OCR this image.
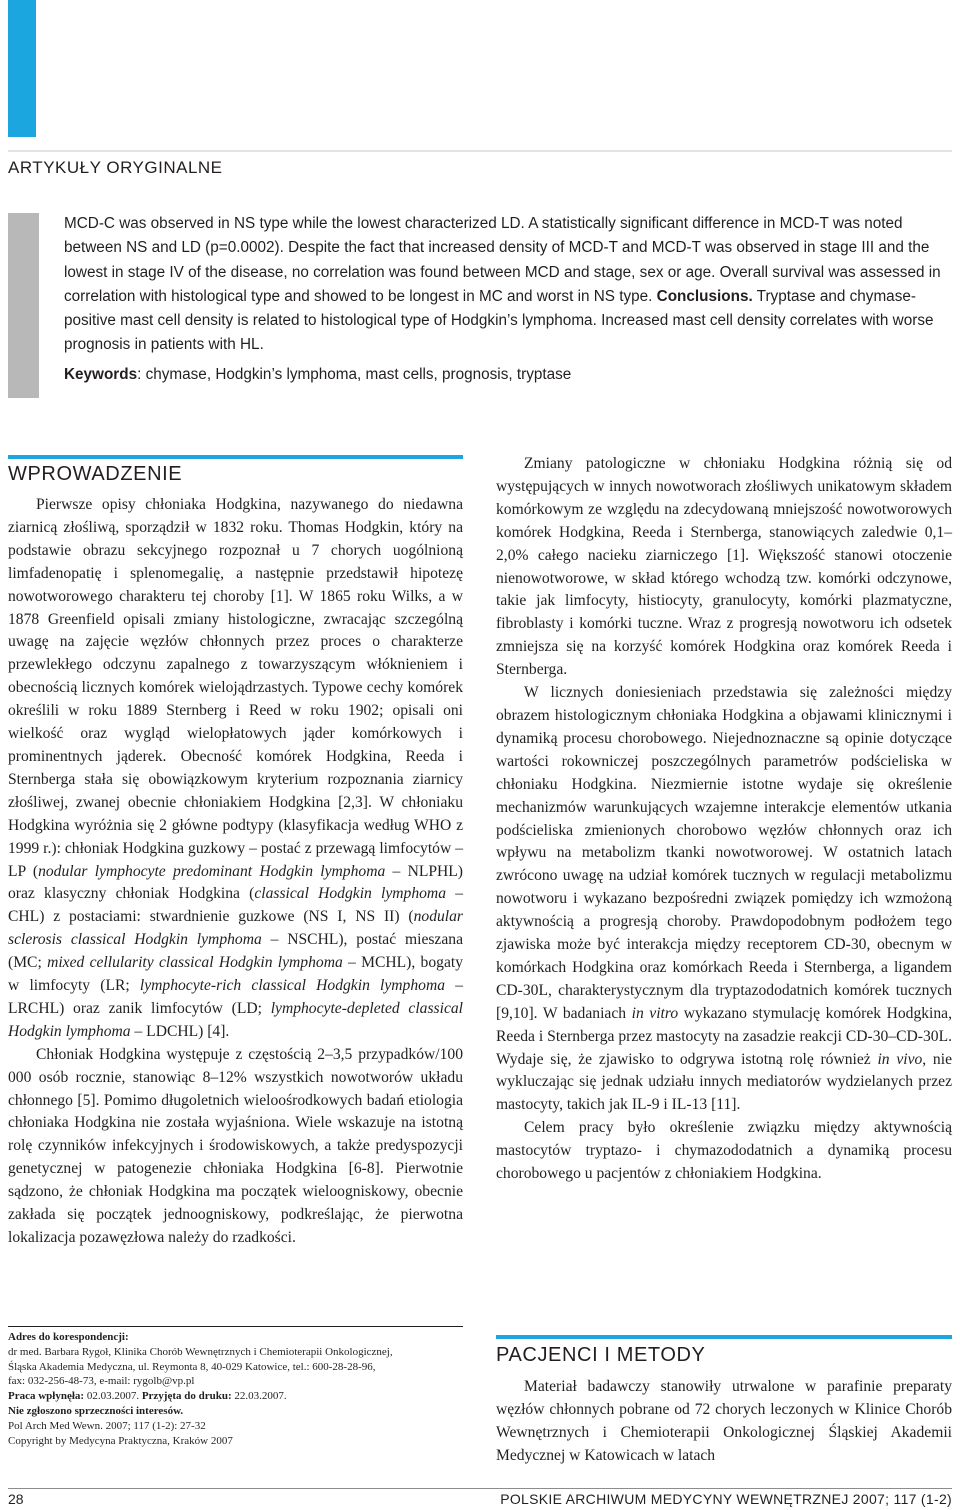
ARTYKUŁY ORYGINALNE

MCD-C was observed in NS type while the lowest characterized LD. A statistically significant difference in MCD-T was noted between NS and LD (p=0.0002). Despite the fact that increased density of MCD-T and MCD-T was observed in stage III and the lowest in stage IV of the disease, no correlation was found between MCD and stage, sex or age. Overall survival was assessed in correlation with histological type and showed to be longest in MC and worst in NS type. Conclusions. Tryptase and chymase-positive mast cell density is related to histological type of Hodgkin’s lymphoma. Increased mast cell density correlates with worse prognosis in patients with HL.

Keywords: chymase, Hodgkin’s lymphoma, mast cells, prognosis, tryptase

WPROWADZENIE

Pierwsze opisy chłoniaka Hodgkina, nazywanego do niedawna ziarnicą złośliwą, sporządził w 1832 roku. Thomas Hodgkin, który na podstawie obrazu sekcyjnego rozpoznał u 7 chorych uogólnioną limfadenopatię i splenomegalię, a następnie przedstawił hipotezę nowotworowego charakteru tej choroby [1]. W 1865 roku Wilks, a w 1878 Greenfield opisali zmiany histologiczne, zwracając szczególną uwagę na zajęcie węzłów chłonnych przez proces o charakterze przewlekłego odczynu zapalnego z towarzyszącym włóknieniem i obecnością licznych komórek wielojądrzastych. Typowe cechy komórek określili w roku 1889 Sternberg i Reed w roku 1902; opisali oni wielkość oraz wygląd wielopłatowych jąder komórkowych i prominentnych jąderek. Obecność komórek Hodgkina, Reeda i Sternberga stała się obowiązkowym kryterium rozpoznania ziarnicy złośliwej, zwanej obecnie chłoniakiem Hodgkina [2,3]. W chłoniaku Hodgkina wyróżnia się 2 główne podtypy (klasyfikacja według WHO z 1999 r.): chłoniak Hodgkina guzkowy – postać z przewagą limfocytów – LP (nodular lymphocyte predominant Hodgkin lymphoma – NLPHL) oraz klasyczny chłoniak Hodgkina (classical Hodgkin lymphoma – CHL) z postaciami: stwardnienie guzkowe (NS I, NS II) (nodular sclerosis classical Hodgkin lymphoma – NSCHL), postać mieszana (MC; mixed cellularity classical Hodgkin lymphoma – MCHL), bogaty w limfocyty (LR; lymphocyte-rich classical Hodgkin lymphoma – LRCHL) oraz zanik limfocytów (LD; lymphocyte-depleted classical Hodgkin lymphoma – LDCHL) [4].

Chłoniak Hodgkina występuje z częstością 2–3,5 przypadków/100 000 osób rocznie, stanowiąc 8–12% wszystkich nowotworów układu chłonnego [5]. Pomimo długoletnich wieloośrodkowych badań etiologia chłoniaka Hodgkina nie została wyjaśniona. Wiele wskazuje na istotną rolę czynników infekcyjnych i środowiskowych, a także predyspozycji genetycznej w patogenezie chłoniaka Hodgkina [6-8]. Pierwotnie sądzono, że chłoniak Hodgkina ma początek wieloogniskowy, obecnie zakłada się początek jednoogniskowy, podkreślając, że pierwotna lokalizacja pozawęzłowa należy do rzadkości.

Zmiany patologiczne w chłoniaku Hodgkina różnią się od występujących w innych nowotworach złośliwych unikatowym składem komórkowym ze względu na zdecydowaną mniejszość nowotworowych komórek Hodgkina, Reeda i Sternberga, stanowiących zaledwie 0,1–2,0% całego nacieku ziarniczego [1]. Większość stanowi otoczenie nienowotworowe, w skład którego wchodzą tzw. komórki odczynowe, takie jak limfocyty, histiocyty, granulocyty, komórki plazmatyczne, fibroblasty i komórki tuczne. Wraz z progresją nowotworu ich odsetek zmniejsza się na korzyść komórek Hodgkina oraz komórek Reeda i Sternberga.

W licznych doniesieniach przedstawia się zależności między obrazem histologicznym chłoniaka Hodgkina a objawami klinicznymi i dynamiką procesu chorobowego. Niejednoznaczne są opinie dotyczące wartości rokowniczej poszczególnych parametrów podścieliska w chłoniaku Hodgkina. Niezmiernie istotne wydaje się określenie mechanizmów warunkujących wzajemne interakcje elementów utkania podścieliska zmienionych chorobowo węzłów chłonnych oraz ich wpływu na metabolizm tkanki nowotworowej. W ostatnich latach zwrócono uwagę na udział komórek tucznych w regulacji metabolizmu nowotworu i wykazano bezpośredni związek pomiędzy ich wzmożoną aktywnością a progresją choroby. Prawdopodobnym podłożem tego zjawiska może być interakcja między receptorem CD-30, obecnym w komórkach Hodgkina oraz komórkach Reeda i Sternberga, a ligandem CD-30L, charakterystycznym dla tryptazododatnich komórek tucznych [9,10]. W badaniach in vitro wykazano stymulację komórek Hodgkina, Reeda i Sternberga przez mastocyty na zasadzie reakcji CD-30–CD-30L. Wydaje się, że zjawisko to odgrywa istotną rolę również in vivo, nie wykluczając się jednak udziału innych mediatorów wydzielanych przez mastocyty, takich jak IL-9 i IL-13 [11].

Celem pracy było określenie związku między aktywnością mastocytów tryptazo- i chymazododatnich a dynamiką procesu chorobowego u pacjentów z chłoniakiem Hodgkina.

PACJENCI I METODY

Materiał badawczy stanowiły utrwalone w parafinie preparaty węzłów chłonnych pobrane od 72 chorych leczonych w Klinice Chorób Wewnętrznych i Chemioterapii Onkologicznej Śląskiej Akademii Medycznej w Katowicach w latach

Adres do korespondencji:
dr med. Barbara Rygoł, Klinika Chorób Wewnętrznych i Chemioterapii Onkologicznej,
Śląska Akademia Medyczna, ul. Reymonta 8, 40-029 Katowice, tel.: 600-28-28-96,
fax: 032-256-48-73, e-mail: rygolb@vp.pl
Praca wpłynęła: 02.03.2007. Przyjęta do druku: 22.03.2007.
Nie zgłoszono sprzeczności interesów.
Pol Arch Med Wewn. 2007; 117 (1-2): 27-32
Copyright by Medycyna Praktyczna, Kraków 2007
28	POLSKIE ARCHIWUM MEDYCYNY WEWNĘTRZNEJ 2007; 117 (1-2)
